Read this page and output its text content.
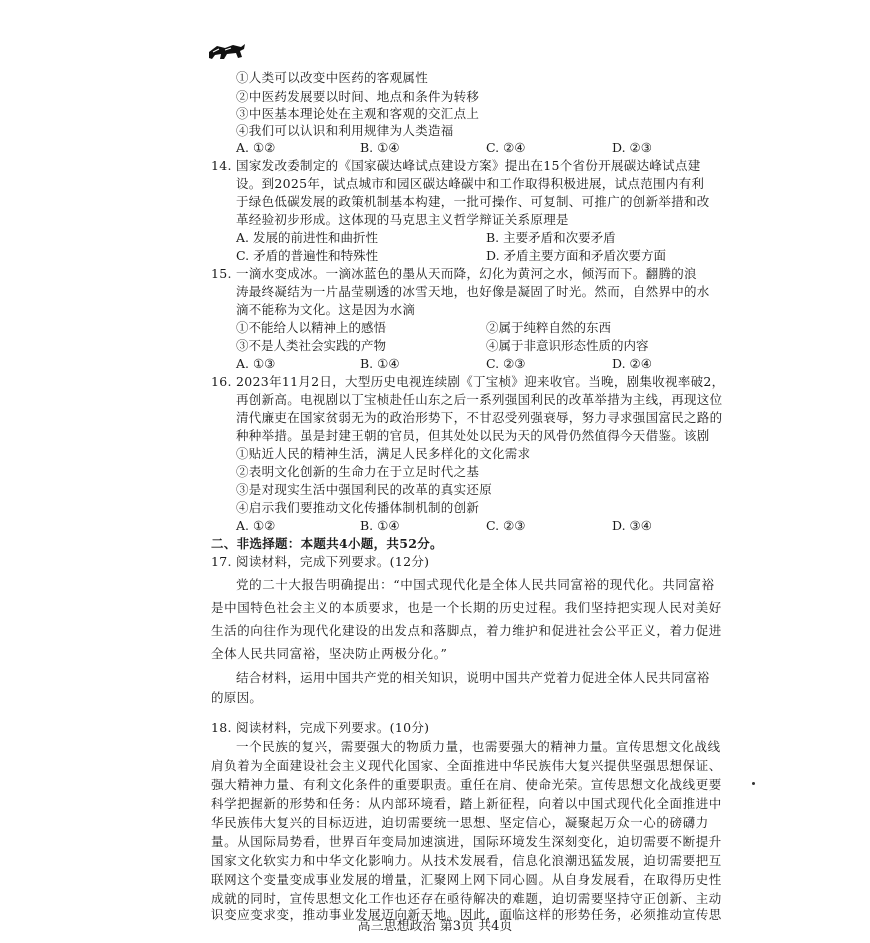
①人类可以改变中医药的客观属性
②中医药发展要以时间、地点和条件为转移
③中医基本理论处在主观和客观的交汇点上
④我们可以认识和利用规律为人类造福
A. ①②	B. ①④	C. ②④	D. ②③
14. 国家发改委制定的《国家碳达峰试点建设方案》提出在15个省份开展碳达峰试点建
设。到2025年，试点城市和园区碳达峰碳中和工作取得积极进展，试点范围内有利
于绿色低碳发展的政策机制基本构建，一批可操作、可复制、可推广的创新举措和改
革经验初步形成。这体现的马克思主义哲学辩证关系原理是
A. 发展的前进性和曲折性	B. 主要矛盾和次要矛盾
C. 矛盾的普遍性和特殊性	D. 矛盾主要方面和矛盾次要方面
15. 一滴水变成冰。一滴冰蓝色的墨从天而降，幻化为黄河之水，倾泻而下。翻腾的浪
涛最终凝结为一片晶莹剔透的冰雪天地，也好像是凝固了时光。然而，自然界中的水
滴不能称为文化。这是因为水滴
①不能给人以精神上的感悟	②属于纯粹自然的东西
③不是人类社会实践的产物	④属于非意识形态性质的内容
A. ①③	B. ①④	C. ②③	D. ②④
16. 2023年11月2日，大型历史电视连续剧《丁宝桢》迎来收官。当晚，剧集收视率破2，
再创新高。电视剧以丁宝桢赴任山东之后一系列强国利民的改革举措为主线，再现这位
清代廉吏在国家贫弱无为的政治形势下，不甘忍受列强衰辱，努力寻求强国富民之路的
种种举措。虽是封建王朝的官员，但其处处以民为天的风骨仍然值得今天借鉴。该剧
①贴近人民的精神生活，满足人民多样化的文化需求
②表明文化创新的生命力在于立足时代之基
③是对现实生活中强国利民的改革的真实还原
④启示我们要推动文化传播体制机制的创新
A. ①②	B. ①④	C. ②③	D. ③④
二、非选择题：本题共4小题，共52分。
17. 阅读材料，完成下列要求。(12分)
党的二十大报告明确提出：“中国式现代化是全体人民共同富裕的现代化。共同富裕
是中国特色社会主义的本质要求，也是一个长期的历史过程。我们坚持把实现人民对美好
生活的向往作为现代化建设的出发点和落脚点，着力维护和促进社会公平正义，着力促进
全体人民共同富裕，坚决防止两极分化。”
结合材料，运用中国共产党的相关知识，说明中国共产党着力促进全体人民共同富裕
的原因。
18. 阅读材料，完成下列要求。(10分)
一个民族的复兴，需要强大的物质力量，也需要强大的精神力量。宣传思想文化战线
肩负着为全面建设社会主义现代化国家、全面推进中华民族伟大复兴提供坚强思想保证、
强大精神力量、有利文化条件的重要职责。重任在肩、使命光荣。宣传思想文化战线更要
科学把握新的形势和任务：从内部环境看，踏上新征程，向着以中国式现代化全面推进中
华民族伟大复兴的目标迈进，迫切需要统一思想、坚定信心，凝聚起万众一心的磅礴力
量。从国际局势看，世界百年变局加速演进，国际环境发生深刻变化，迫切需要不断提升
国家文化软实力和中华文化影响力。从技术发展看，信息化浪潮迅猛发展，迫切需要把互
联网这个变量变成事业发展的增量，汇聚网上网下同心圆。从自身发展看，在取得历史性
成就的同时，宣传思想文化工作也还存在亟待解决的难题，迫切需要坚持守正创新、主动
识变应变求变，推动事业发展迈向新天地。因此，面临这样的形势任务，必须推动宣传思
高三思想政治 第3页 共4页
